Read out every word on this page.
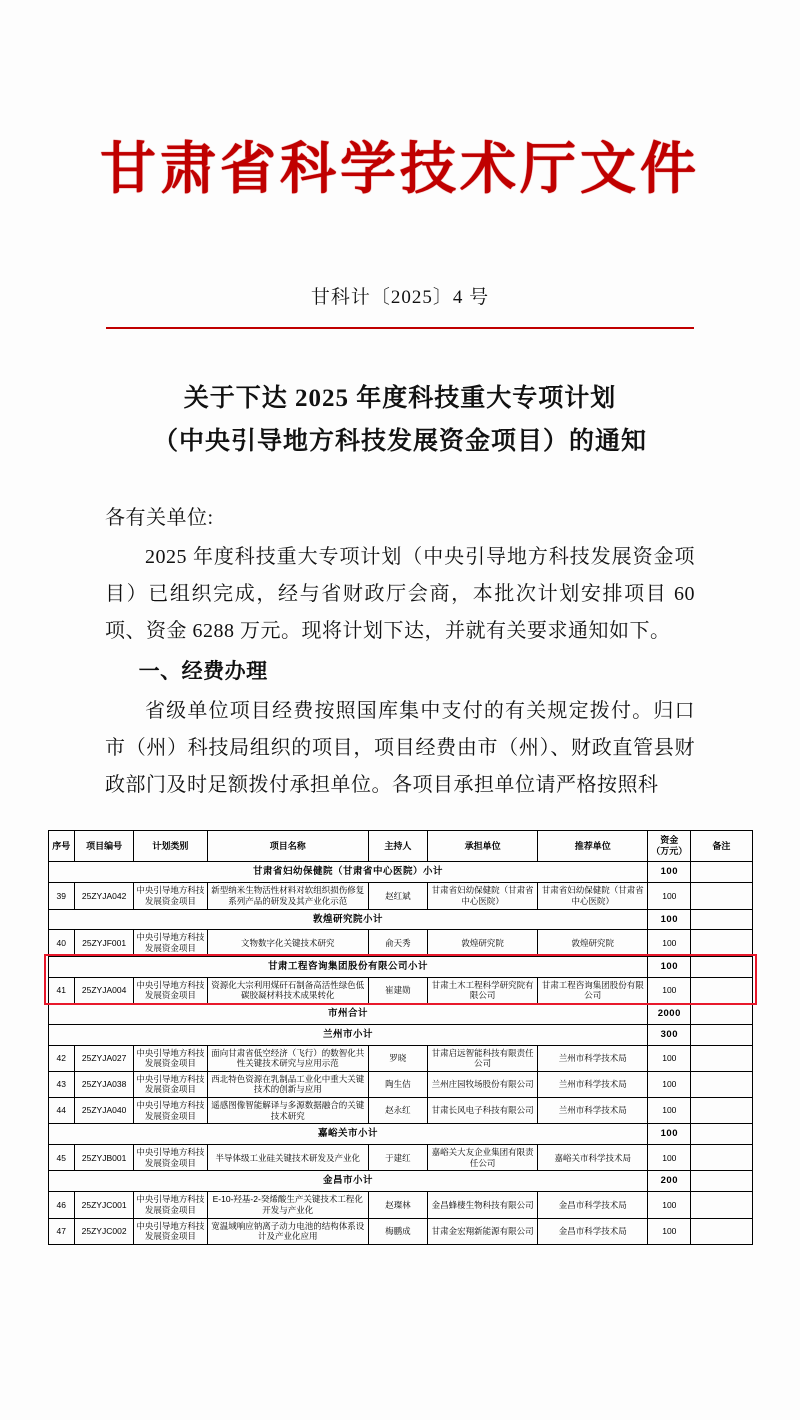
甘肃省科学技术厅文件
甘科计〔2025〕4 号
关于下达 2025 年度科技重大专项计划
（中央引导地方科技发展资金项目）的通知

各有关单位:

2025 年度科技重大专项计划（中央引导地方科技发展资金项目）已组织完成，经与省财政厅会商，本批次计划安排项目 60 项、资金 6288 万元。现将计划下达，并就有关要求通知如下。

一、经费办理

省级单位项目经费按照国库集中支付的有关规定拨付。归口市（州）科技局组织的项目，项目经费由市（州）、财政直管县财政部门及时足额拨付承担单位。各项目承担单位请严格按照科

序号	项目编号	计划类别	项目名称	主持人	承担单位	推荐单位	资金
（万元）	备注
甘肃省妇幼保健院（甘肃省中心医院）小计							100	
39	25ZYJA042	中央引导地方科技发展资金项目	新型纳米生物活性材料对软组织损伤修复系列产品的研发及其产业化示范	赵红斌	甘肃省妇幼保健院（甘肃省中心医院）	甘肃省妇幼保健院（甘肃省中心医院）	100	
敦煌研究院小计							100	
40	25ZYJF001	中央引导地方科技发展资金项目	文物数字化关键技术研究	俞天秀	敦煌研究院	敦煌研究院	100	
甘肃工程咨询集团股份有限公司小计							100	
41	25ZYJA004	中央引导地方科技发展资金项目	资源化大宗利用煤矸石制备高活性绿色低碳胶凝材料技术成果转化	崔建勋	甘肃土木工程科学研究院有限公司	甘肃工程咨询集团股份有限公司	100	
市州合计							2000	
兰州市小计							300	
42	25ZYJA027	中央引导地方科技发展资金项目	面向甘肃省低空经济（飞行）的数智化共性关键技术研究与应用示范	罗晓	甘肃启远智能科技有限责任公司	兰州市科学技术局	100	
43	25ZYJA038	中央引导地方科技发展资金项目	西北特色资源在乳制品工业化中重大关键技术的创新与应用	陶生佶	兰州庄园牧场股份有限公司	兰州市科学技术局	100	
44	25ZYJA040	中央引导地方科技发展资金项目	遥感图像智能解译与多源数据融合的关键技术研究	赵永红	甘肃长风电子科技有限公司	兰州市科学技术局	100	
嘉峪关市小计							100	
45	25ZYJB001	中央引导地方科技发展资金项目	半导体级工业硅关键技术研发及产业化	于建红	嘉峪关大友企业集团有限责任公司	嘉峪关市科学技术局	100	
金昌市小计							200	
46	25ZYJC001	中央引导地方科技发展资金项目	E-10-羟基-2-癸烯酸生产关键技术工程化开发与产业化	赵璨林	金昌蜂棲生物科技有限公司	金昌市科学技术局	100	
47	25ZYJC002	中央引导地方科技发展资金项目	宽温域响应钠离子动力电池的结构体系设计及产业化应用	梅鹏成	甘肃金宏翔新能源有限公司	金昌市科学技术局	100	
